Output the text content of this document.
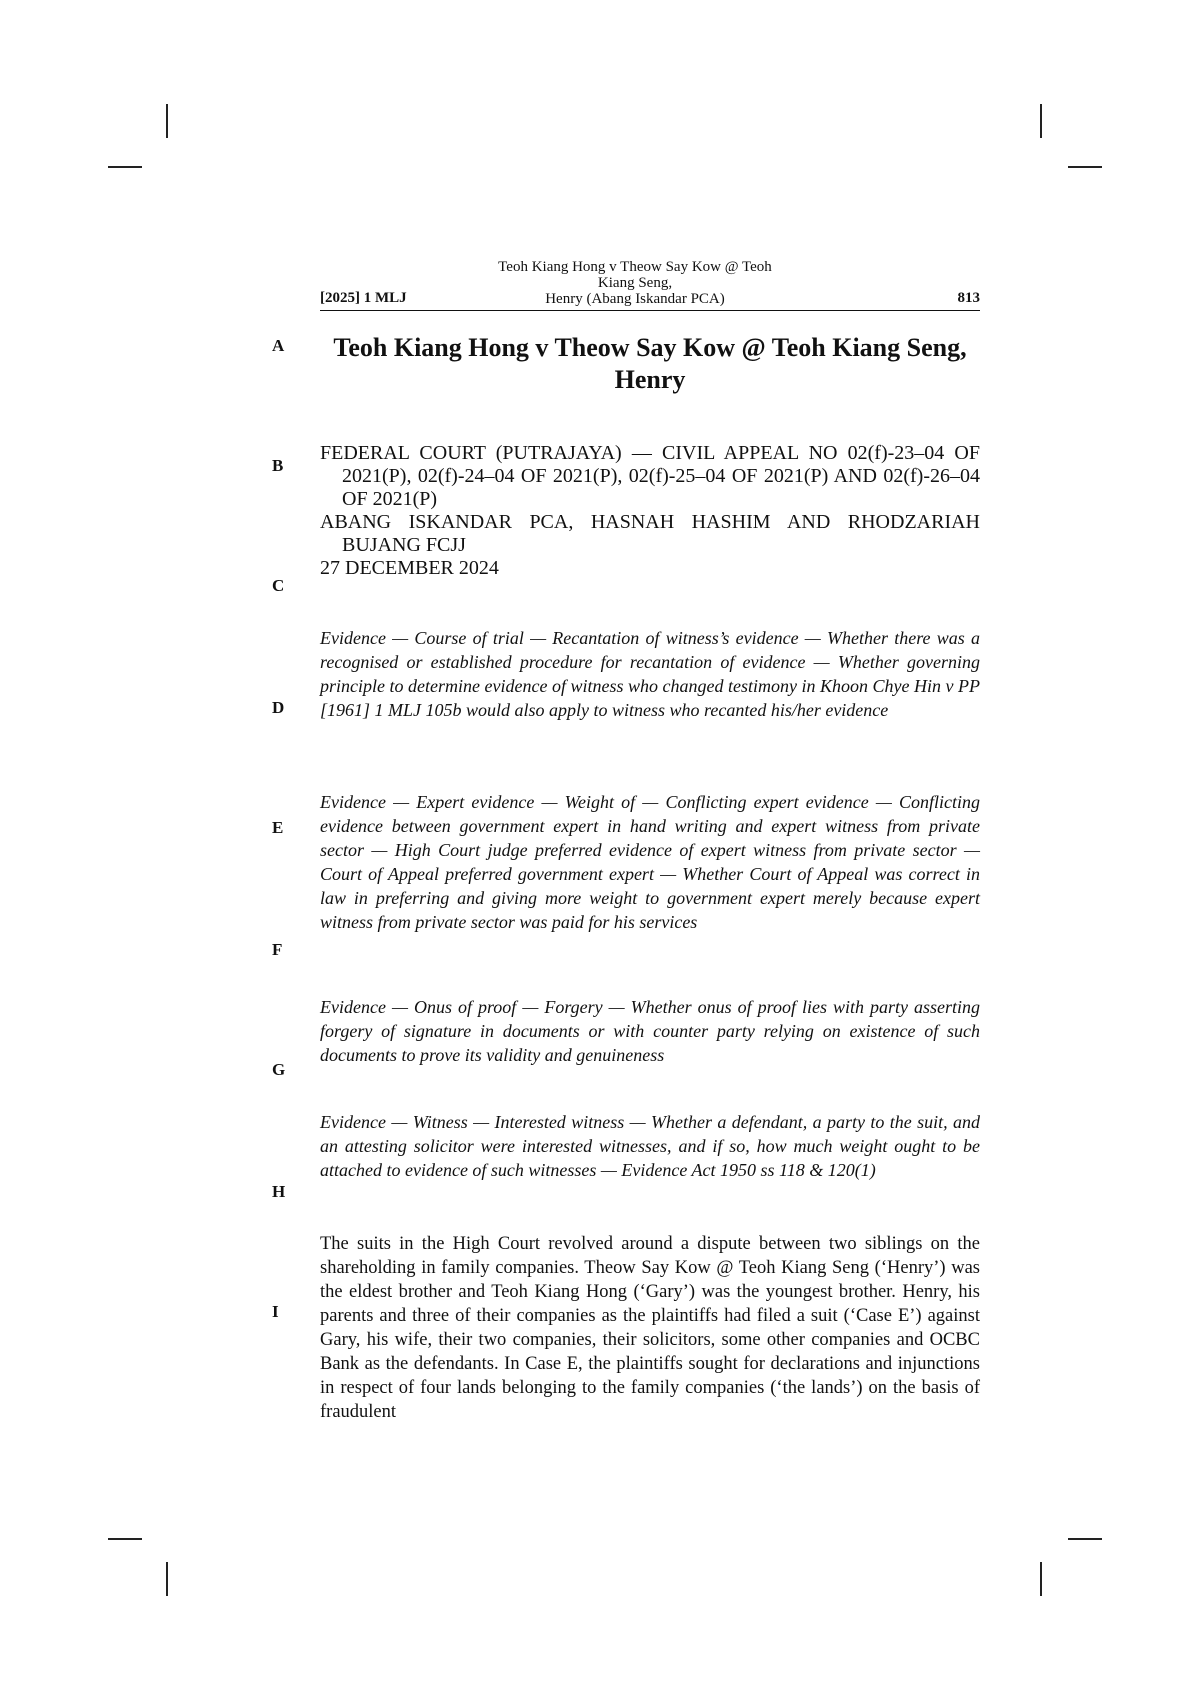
[2025] 1 MLJ
Teoh Kiang Hong v Theow Say Kow @ Teoh Kiang Seng,
Henry (Abang Iskandar PCA)	813
A
B
C
D
E
F
G
H
I
Teoh Kiang Hong v Theow Say Kow @ Teoh Kiang Seng, Henry
FEDERAL COURT (PUTRAJAYA) — CIVIL APPEAL NO 02(f)-23–04 OF 2021(P), 02(f)-24–04 OF 2021(P), 02(f)-25–04 OF 2021(P) AND 02(f)-26–04 OF 2021(P)
ABANG ISKANDAR PCA, HASNAH HASHIM AND RHODZARIAH BUJANG FCJJ
27 DECEMBER 2024
Evidence — Course of trial — Recantation of witness’s evidence — Whether there was a recognised or established procedure for recantation of evidence — Whether governing principle to determine evidence of witness who changed testimony in Khoon Chye Hin v PP [1961] 1 MLJ 105b would also apply to witness who recanted his/her evidence
Evidence — Expert evidence — Weight of — Conflicting expert evidence — Conflicting evidence between government expert in hand writing and expert witness from private sector — High Court judge preferred evidence of expert witness from private sector — Court of Appeal preferred government expert — Whether Court of Appeal was correct in law in preferring and giving more weight to government expert merely because expert witness from private sector was paid for his services
Evidence — Onus of proof — Forgery — Whether onus of proof lies with party asserting forgery of signature in documents or with counter party relying on existence of such documents to prove its validity and genuineness
Evidence — Witness — Interested witness — Whether a defendant, a party to the suit, and an attesting solicitor were interested witnesses, and if so, how much weight ought to be attached to evidence of such witnesses — Evidence Act 1950 ss 118 & 120(1)
The suits in the High Court revolved around a dispute between two siblings on the shareholding in family companies. Theow Say Kow @ Teoh Kiang Seng (‘Henry’) was the eldest brother and Teoh Kiang Hong (‘Gary’) was the youngest brother. Henry, his parents and three of their companies as the plaintiffs had filed a suit (‘Case E’) against Gary, his wife, their two companies, their solicitors, some other companies and OCBC Bank as the defendants. In Case E, the plaintiffs sought for declarations and injunctions in respect of four lands belonging to the family companies (‘the lands’) on the basis of fraudulent
